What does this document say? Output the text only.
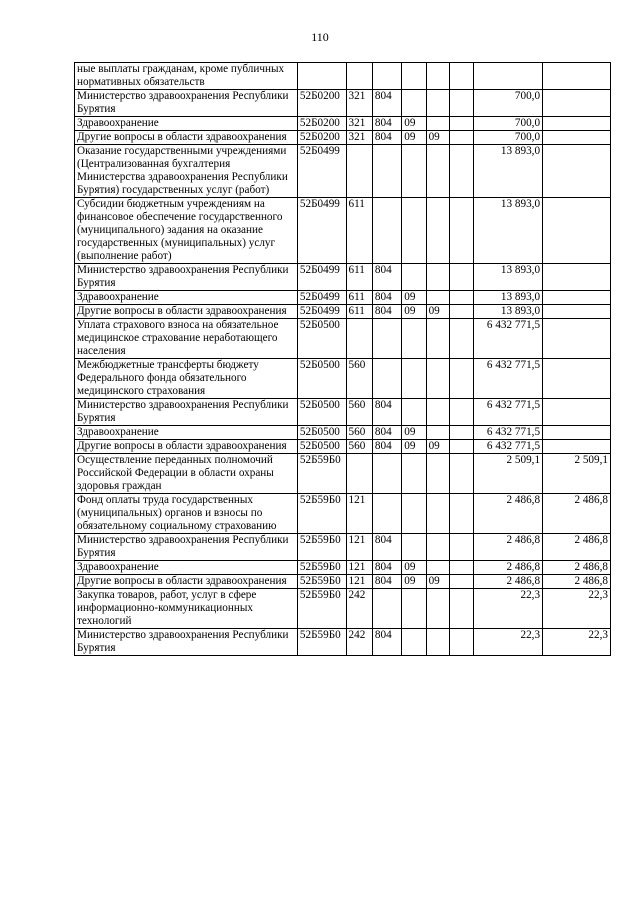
110
ные выплаты гражданам, кроме публичных нормативных обязательств								
Министерство здравоохранения Республики Бурятия	52Б0200	321	804				700,0	
Здравоохранение	52Б0200	321	804	09			700,0	
Другие вопросы в области здравоохранения	52Б0200	321	804	09	09		700,0	
Оказание государственными учреждениями (Централизованная бухгалтерия Министерства здравоохранения Республики Бурятия) государственных услуг (работ)	52Б0499						13 893,0	
Субсидии бюджетным учреждениям на финансовое обеспечение государственного (муниципального) задания на оказание государственных (муниципальных) услуг (выполнение работ)	52Б0499	611					13 893,0	
Министерство здравоохранения Республики Бурятия	52Б0499	611	804				13 893,0	
Здравоохранение	52Б0499	611	804	09			13 893,0	
Другие вопросы в области здравоохранения	52Б0499	611	804	09	09		13 893,0	
Уплата страхового взноса на обязательное медицинское страхование неработающего населения	52Б0500						6 432 771,5	
Межбюджетные трансферты бюджету Федерального фонда обязательного медицинского страхования	52Б0500	560					6 432 771,5	
Министерство здравоохранения Республики Бурятия	52Б0500	560	804				6 432 771,5	
Здравоохранение	52Б0500	560	804	09			6 432 771,5	
Другие вопросы в области здравоохранения	52Б0500	560	804	09	09		6 432 771,5	
Осуществление переданных полномочий Российской Федерации в области охраны здоровья граждан	52Б59Б0						2 509,1	2 509,1
Фонд оплаты труда государственных (муниципальных) органов и взносы по обязательному социальному страхованию	52Б59Б0	121					2 486,8	2 486,8
Министерство здравоохранения Республики Бурятия	52Б59Б0	121	804				2 486,8	2 486,8
Здравоохранение	52Б59Б0	121	804	09			2 486,8	2 486,8
Другие вопросы в области здравоохранения	52Б59Б0	121	804	09	09		2 486,8	2 486,8
Закупка товаров, работ, услуг в сфере информационно-коммуникационных технологий	52Б59Б0	242					22,3	22,3
Министерство здравоохранения Республики Бурятия	52Б59Б0	242	804				22,3	22,3
